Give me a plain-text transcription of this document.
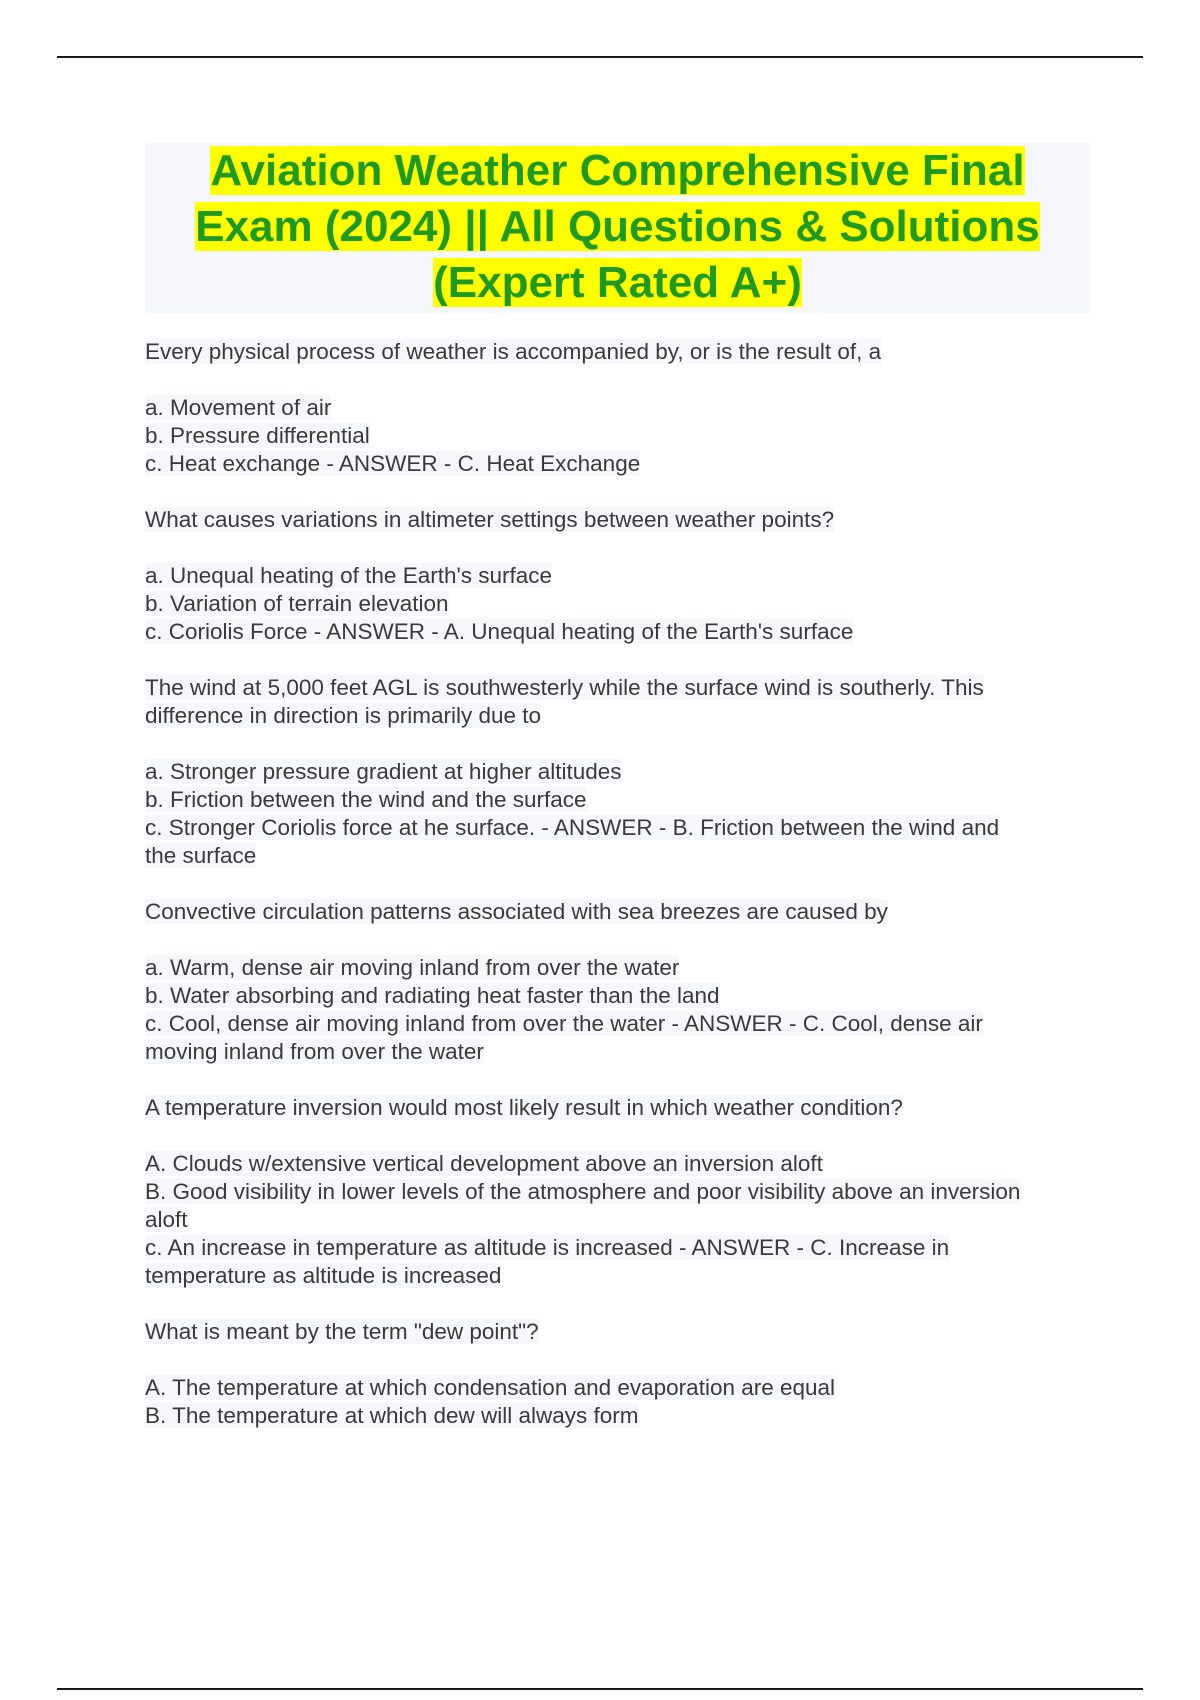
Aviation Weather Comprehensive Final

Exam (2024) || All Questions & Solutions

(Expert Rated A+)

Every physical process of weather is accompanied by, or is the result of, a
a. Movement of air
b. Pressure differential
c. Heat exchange - ANSWER - C. Heat Exchange
What causes variations in altimeter settings between weather points?
a. Unequal heating of the Earth's surface
b. Variation of terrain elevation
c. Coriolis Force - ANSWER - A. Unequal heating of the Earth's surface
The wind at 5,000 feet AGL is southwesterly while the surface wind is southerly. This
difference in direction is primarily due to
a. Stronger pressure gradient at higher altitudes
b. Friction between the wind and the surface
c. Stronger Coriolis force at he surface. - ANSWER - B. Friction between the wind and
the surface
Convective circulation patterns associated with sea breezes are caused by
a. Warm, dense air moving inland from over the water
b. Water absorbing and radiating heat faster than the land
c. Cool, dense air moving inland from over the water - ANSWER - C. Cool, dense air
moving inland from over the water
A temperature inversion would most likely result in which weather condition?
A. Clouds w/extensive vertical development above an inversion aloft
B. Good visibility in lower levels of the atmosphere and poor visibility above an inversion
aloft
c. An increase in temperature as altitude is increased - ANSWER - C. Increase in
temperature as altitude is increased
What is meant by the term "dew point"?
A. The temperature at which condensation and evaporation are equal
B. The temperature at which dew will always form
